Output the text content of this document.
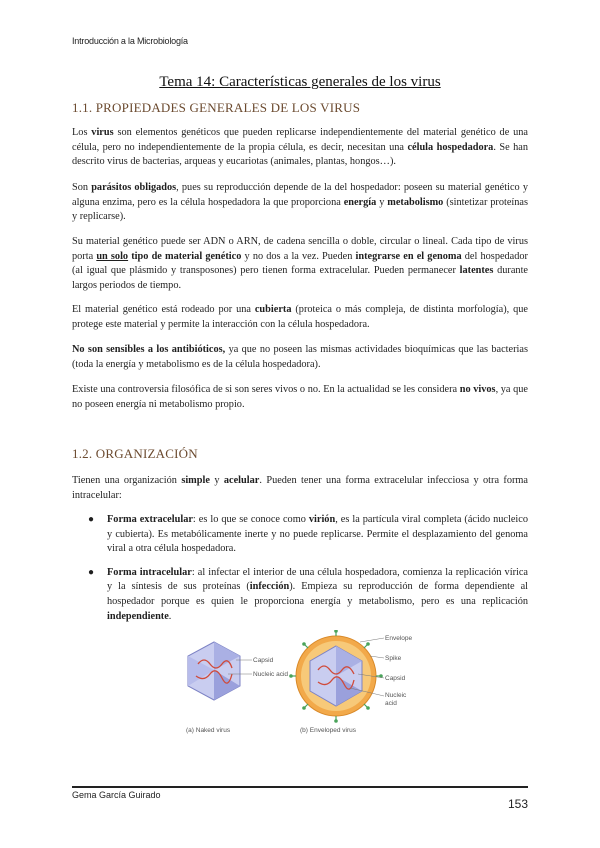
Introducción a la Microbiología
Tema 14: Características generales de los virus
1.1. PROPIEDADES GENERALES DE LOS VIRUS
Los virus son elementos genéticos que pueden replicarse independientemente del material genético de una célula, pero no independientemente de la propia célula, es decir, necesitan una célula hospedadora. Se han descrito virus de bacterias, arqueas y eucariotas (animales, plantas, hongos…).
Son parásitos obligados, pues su reproducción depende de la del hospedador: poseen su material genético y alguna enzima, pero es la célula hospedadora la que proporciona energía y metabolismo (sintetizar proteínas y replicarse).
Su material genético puede ser ADN o ARN, de cadena sencilla o doble, circular o lineal. Cada tipo de virus porta un solo tipo de material genético y no dos a la vez. Pueden integrarse en el genoma del hospedador (al igual que plásmido y transposones) pero tienen forma extracelular. Pueden permanecer latentes durante largos periodos de tiempo.
El material genético está rodeado por una cubierta (proteica o más compleja, de distinta morfología), que protege este material y permite la interacción con la célula hospedadora.
No son sensibles a los antibióticos, ya que no poseen las mismas actividades bioquímicas que las bacterias (toda la energía y metabolismo es de la célula hospedadora).
Existe una controversia filosófica de si son seres vivos o no. En la actualidad se les considera no vivos, ya que no poseen energía ni metabolismo propio.
1.2. ORGANIZACIÓN
Tienen una organización simple y acelular. Pueden tener una forma extracelular infecciosa y otra forma intracelular:
● Forma extracelular: es lo que se conoce como virión, es la partícula viral completa (ácido nucleico y cubierta). Es metabólicamente inerte y no puede replicarse. Permite el desplazamiento del genoma viral a otra célula hospedadora.
● Forma intracelular: al infectar el interior de una célula hospedadora, comienza la replicación vírica y la síntesis de sus proteínas (infección). Empieza su reproducción de forma dependiente al hospedador porque es quien le proporciona energía y metabolismo, pero es una replicación independiente.
Capsid
Nucleic acid
(a) Naked virus
Envelope
Spike
Capsid
Nucleic
acid
(b) Enveloped virus
Gema García Guirado
153
